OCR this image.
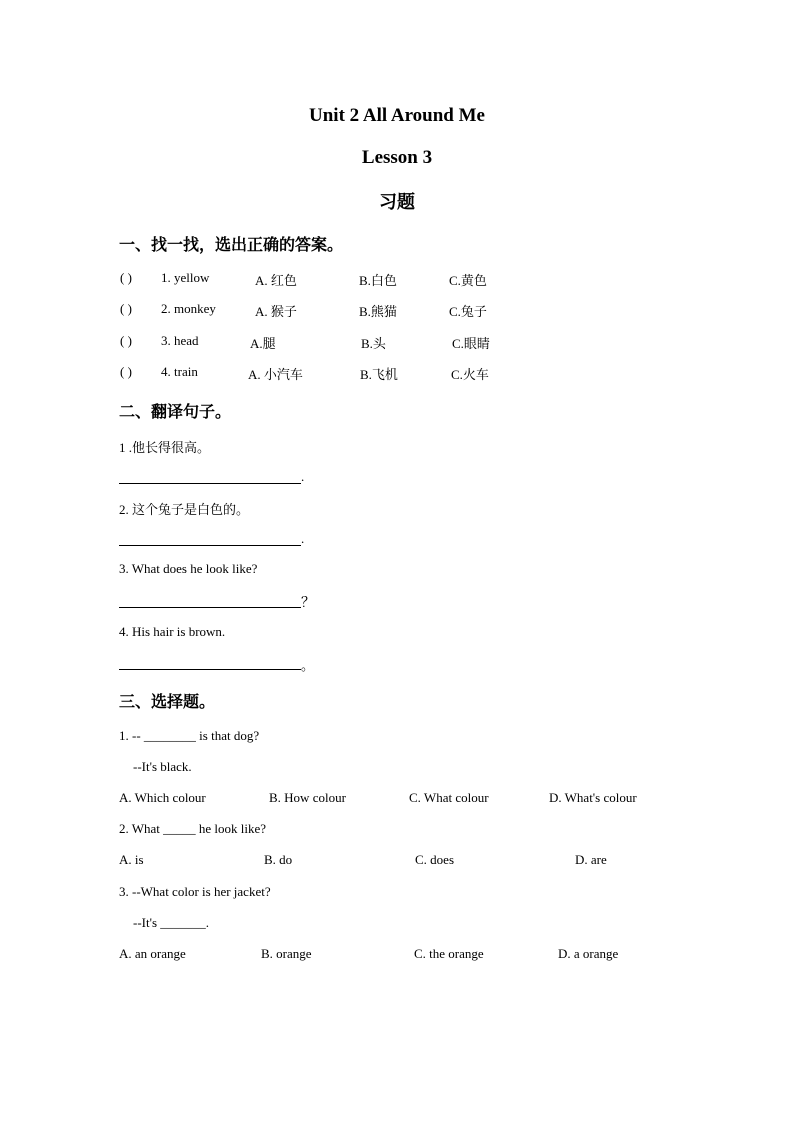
Unit 2 All Around Me
Lesson 3
习题
一、找一找，选出正确的答案。
( ) 1. yellow	A. 红色	B.白色	C.黄色
( ) 2. monkey	A. 猴子	B.熊猫	C.兔子
( ) 3. head	A.腿	B.头	C.眼睛
( ) 4. train	A. 小汽车	B.飞机	C.火车
二、翻译句子。
1 .他长得很高。
.
2. 这个兔子是白色的。
.
3. What does he look like?
？
4. His hair is brown.
。
三、选择题。
1. -- ________ is that dog?
--It's black.
A. Which colour	B. How colour	C. What colour	D. What's colour
2. What _____ he look like?
A. is	B. do	C. does	D. are
3. --What color is her jacket?
--It's _______.
A. an orange	B. orange	C. the orange	D. a orange
